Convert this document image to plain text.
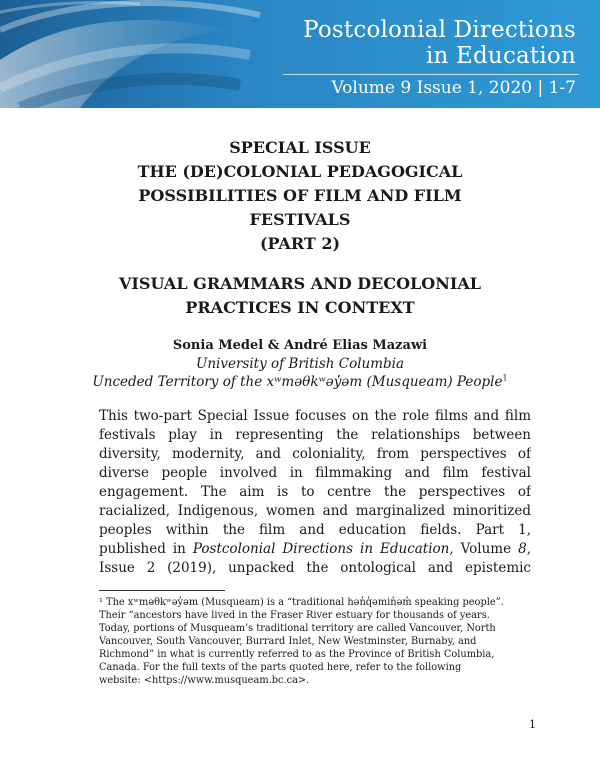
Postcolonial Directions
in Education
Volume 9 Issue 1, 2020 | 1-7
SPECIAL ISSUE
THE (DE)COLONIAL PEDAGOGICAL
POSSIBILITIES OF FILM AND FILM
FESTIVALS
(PART 2)
VISUAL GRAMMARS AND DECOLONIAL
PRACTICES IN CONTEXT
Sonia Medel & André Elias Mazawi
University of British Columbia
Unceded Territory of the xʷməθkʷəy̓əm (Musqueam) People$^1$
This two-part Special Issue focuses on the role films and film
festivals play in representing the relationships between
diversity, modernity, and coloniality, from perspectives of
diverse people involved in filmmaking and film festival
engagement. The aim is to centre the perspectives of
racialized, Indigenous, women and marginalized minoritized
peoples within the film and education fields. Part 1,
published in Postcolonial Directions in Education, Volume 8,
Issue 2 (2019), unpacked the ontological and epistemic
¹ The xʷməθkʷəy̓əm (Musqueam) is a “traditional hən̓q̓əmin̓əm̓ speaking people”.
Their “ancestors have lived in the Fraser River estuary for thousands of years.
Today, portions of Musqueam’s traditional territory are called Vancouver, North
Vancouver, South Vancouver, Burrard Inlet, New Westminster, Burnaby, and
Richmond” in what is currently referred to as the Province of British Columbia,
Canada. For the full texts of the parts quoted here, refer to the following
website: <https://www.musqueam.bc.ca>.
1
